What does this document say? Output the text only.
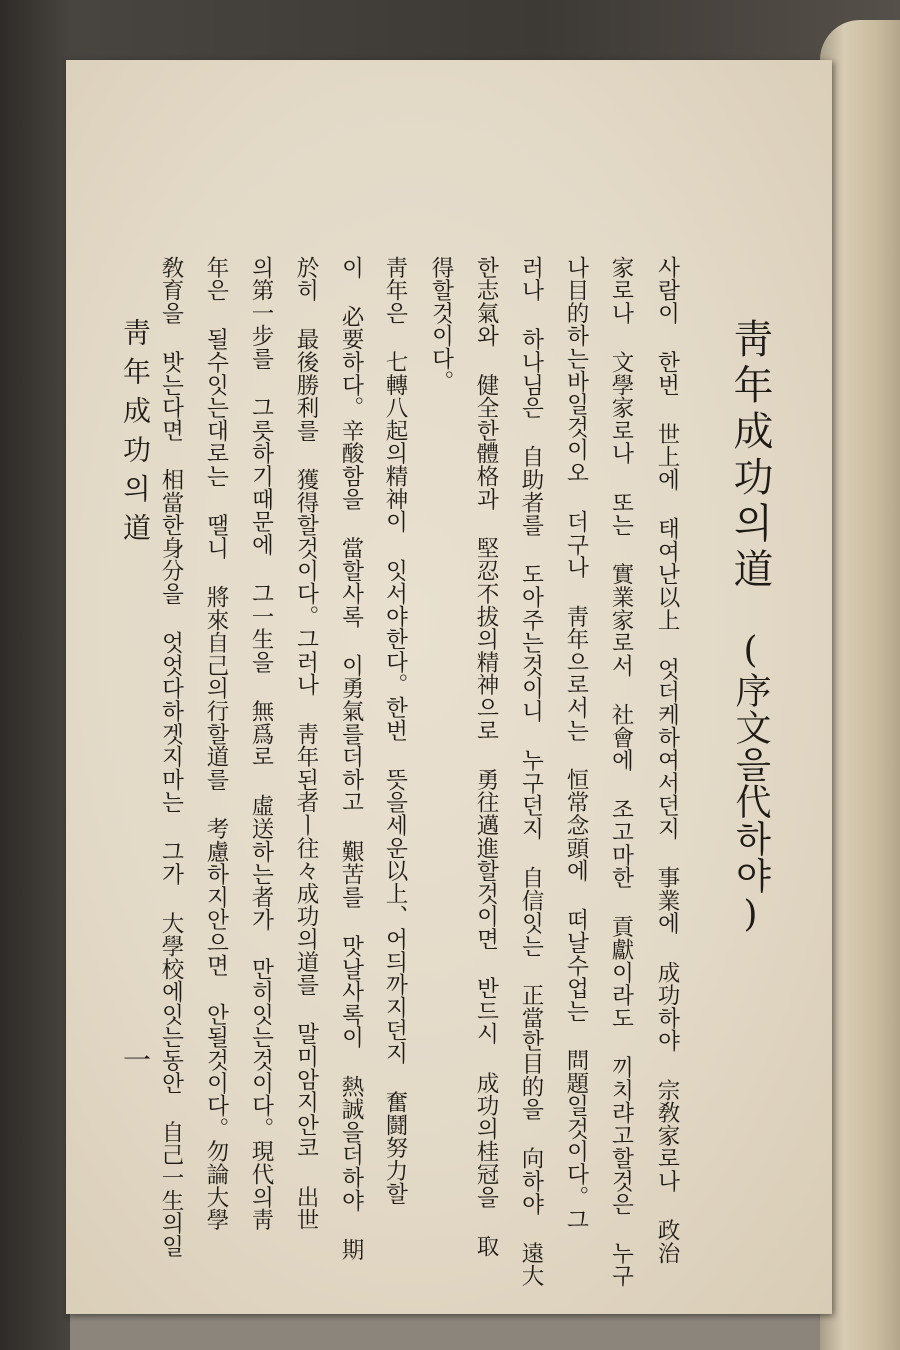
靑年成功의道
(序文을代하야)
사람이 한번 世上에 태여난以上 엇더케하여서던지 事業에 成功하야 宗敎家로나 政治
家로나 文學家로나 또는 實業家로서 社會에 조고마한 貢獻이라도 끼치랴고할것은 누구
나目的하는바일것이오 더구나 靑年으로서는 恒常念頭에 떠날수업는 問題일것이다。그
러나 하나님은 自助者를 도아주는것이니 누구던지 自信잇는 正當한目的을 向하야 遠大
한志氣와 健全한體格과 堅忍不拔의精神으로 勇往邁進할것이면 반드시 成功의桂冠을 取
得할것이다。
靑年은 七轉八起의精神이 잇서야한다。한번 뜻을세운以上、어듸까지던지 奮鬪努力할
이 必要하다。辛酸함을 當할사록 이勇氣를더하고 艱苦를 맛날사록이 熱誠을더하야 期
於히 最後勝利를 獲得할것이다。그러나 靑年된者ㅣ往々成功의道를 말미암지안코 出世
의第一步를 그릇하기때문에 그一生을 無爲로 虛送하는者가 만히잇는것이다。現代의靑
年은 될수잇는대로는 땔니 將來自己의行할道를 考慮하지안으면 안될것이다。勿論大學
敎育을 밧는다면 相當한身分을 엇엇다하겟지마는 그가 大學校에잇는동안 自己一生의일
靑年成功의道
一
